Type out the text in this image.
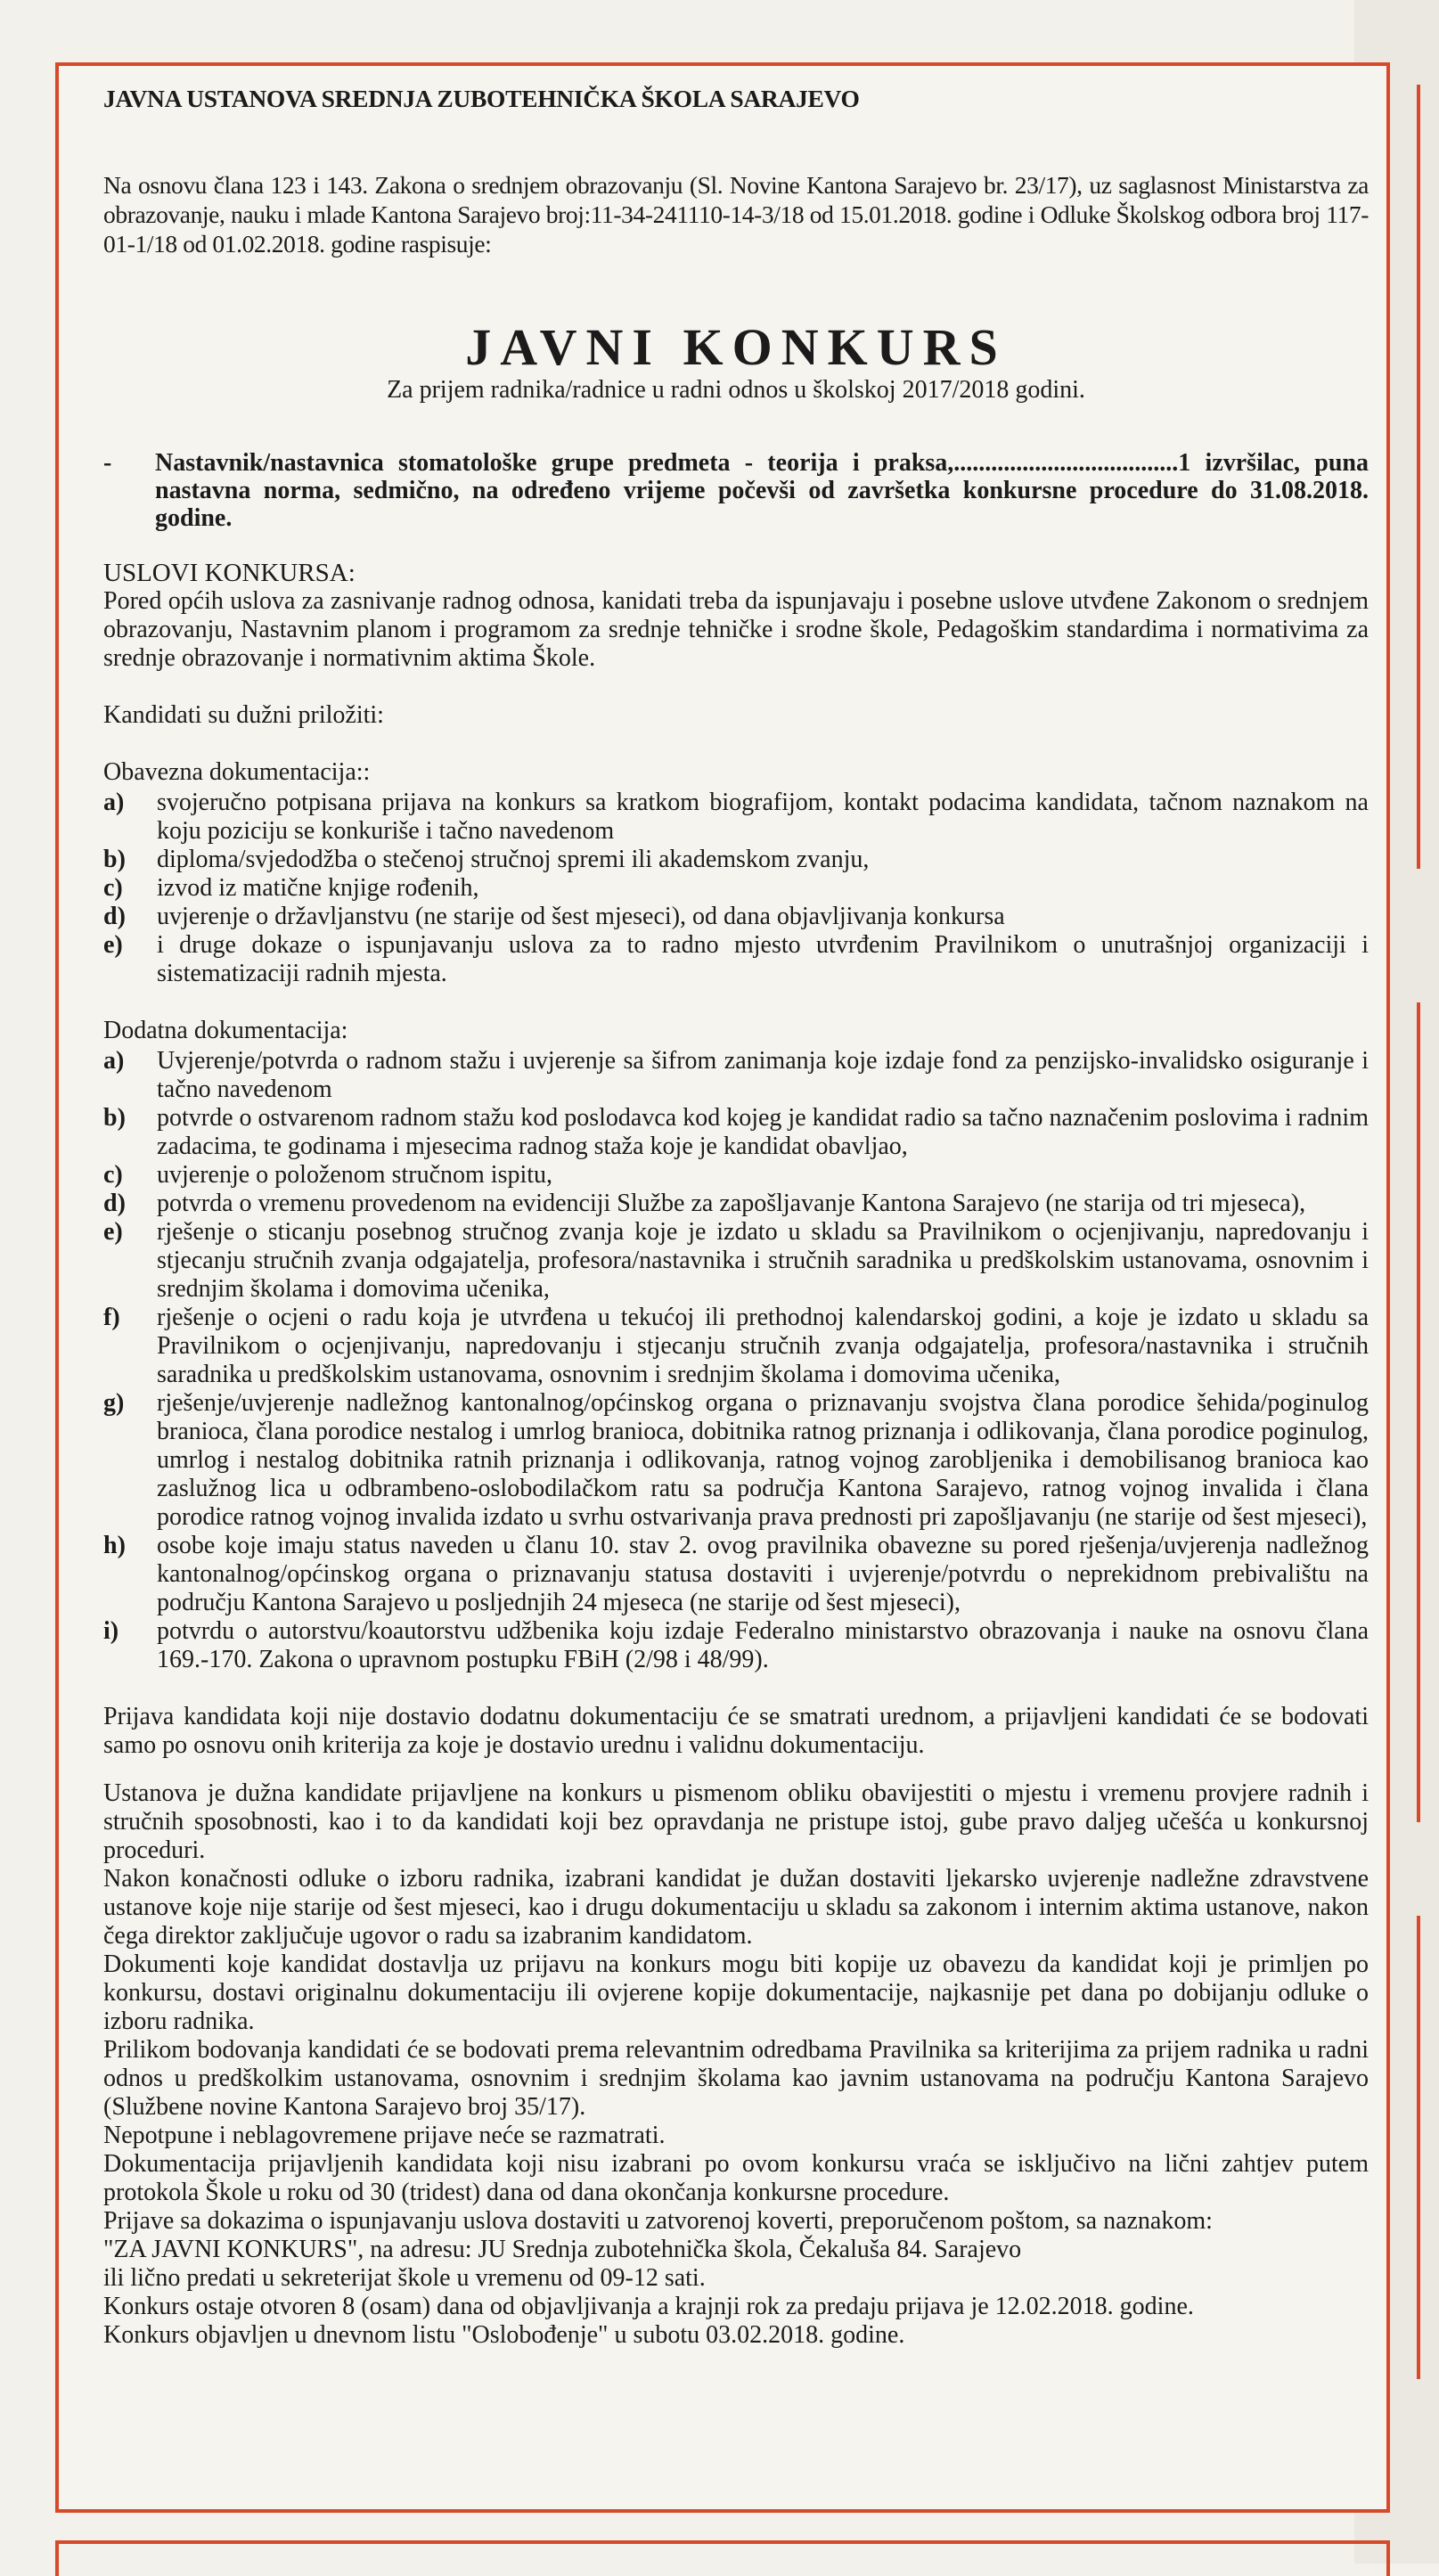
JAVNA USTANOVA SREDNJA ZUBOTEHNIČKA ŠKOLA SARAJEVO

Na osnovu člana 123 i 143. Zakona o srednjem obrazovanju (Sl. Novine Kantona Sarajevo br. 23/17), uz saglasnost Ministarstva za obrazovanje, nauku i mlade Kantona Sarajevo broj:11-34-241110-14-3/18 od 15.01.2018. godine i Odluke Školskog odbora broj 117-01-1/18 od 01.02.2018. godine raspisuje:

JAVNI KONKURS

Za prijem radnika/radnice u radni odnos u školskoj 2017/2018 godini.

-	Nastavnik/nastavnica stomatološke grupe predmeta - teorija i praksa,....................................1 izvršilac, puna nastavna norma, sedmično, na određeno vrijeme počevši od završetka konkursne procedure do 31.08.2018. godine.

USLOVI KONKURSA:

Pored općih uslova za zasnivanje radnog odnosa, kanidati treba da ispunjavaju i posebne uslove utvđene Zakonom o srednjem obrazovanju, Nastavnim planom i programom za srednje tehničke i srodne škole, Pedagoškim standardima i normativima za srednje obrazovanje i normativnim aktima Škole.

Kandidati su dužni priložiti:

Obavezna dokumentacija::

a)	svojeručno potpisana prijava na konkurs sa kratkom biografijom, kontakt podacima kandidata, tačnom naznakom na koju poziciju se konkuriše i tačno navedenom
b)	diploma/svjedodžba o stečenoj stručnoj spremi ili akademskom zvanju,
c)	izvod iz matične knjige rođenih,
d)	uvjerenje o državljanstvu (ne starije od šest mjeseci), od dana objavljivanja konkursa
e)	i druge dokaze o ispunjavanju uslova za to radno mjesto utvrđenim Pravilnikom o unutrašnjoj organizaciji i sistematizaciji radnih mjesta.

Dodatna dokumentacija:

a)	Uvjerenje/potvrda o radnom stažu i uvjerenje sa šifrom zanimanja koje izdaje fond za penzijsko-invalidsko osiguranje i tačno navedenom
b)	potvrde o ostvarenom radnom stažu kod poslodavca kod kojeg je kandidat radio sa tačno naznačenim poslovima i radnim zadacima, te godinama i mjesecima radnog staža koje je kandidat obavljao,
c)	uvjerenje o položenom stručnom ispitu,
d)	potvrda o vremenu provedenom na evidenciji Službe za zapošljavanje Kantona Sarajevo (ne starija od tri mjeseca),
e)	rješenje o sticanju posebnog stručnog zvanja koje je izdato u skladu sa Pravilnikom o ocjenjivanju, napredovanju i stjecanju stručnih zvanja odgajatelja, profesora/nastavnika i stručnih saradnika u predškolskim ustanovama, osnovnim i srednjim školama i domovima učenika,
f)	rješenje o ocjeni o radu koja je utvrđena u tekućoj ili prethodnoj kalendarskoj godini, a koje je izdato u skladu sa Pravilnikom o ocjenjivanju, napredovanju i stjecanju stručnih zvanja odgajatelja, profesora/nastavnika i stručnih saradnika u predškolskim ustanovama, osnovnim i srednjim školama i domovima učenika,
g)	rješenje/uvjerenje nadležnog kantonalnog/općinskog organa o priznavanju svojstva člana porodice šehida/poginulog branioca, člana porodice nestalog i umrlog branioca, dobitnika ratnog priznanja i odlikovanja, člana porodice poginulog, umrlog i nestalog dobitnika ratnih priznanja i odlikovanja, ratnog vojnog zarobljenika i demobilisanog branioca kao zaslužnog lica u odbrambeno-oslobodilačkom ratu sa područja Kantona Sarajevo, ratnog vojnog invalida i člana porodice ratnog vojnog invalida izdato u svrhu ostvarivanja prava prednosti pri zapošljavanju (ne starije od šest mjeseci),
h)	osobe koje imaju status naveden u članu 10. stav 2. ovog pravilnika obavezne su pored rješenja/uvjerenja nadležnog kantonalnog/općinskog organa o priznavanju statusa dostaviti i uvjerenje/potvrdu o neprekidnom prebivalištu na području Kantona Sarajevo u posljednjih 24 mjeseca (ne starije od šest mjeseci),
i)	potvrdu o autorstvu/koautorstvu udžbenika koju izdaje Federalno ministarstvo obrazovanja i nauke na osnovu člana 169.-170. Zakona o upravnom postupku FBiH (2/98 i 48/99).

Prijava kandidata koji nije dostavio dodatnu dokumentaciju će se smatrati urednom, a prijavljeni kandidati će se bodovati samo po osnovu onih kriterija za koje je dostavio urednu i validnu dokumentaciju.

Ustanova je dužna kandidate prijavljene na konkurs u pismenom obliku obavijestiti o mjestu i vremenu provjere radnih i stručnih sposobnosti, kao i to da kandidati koji bez opravdanja ne pristupe istoj, gube pravo daljeg učešća u konkursnoj proceduri.

Nakon konačnosti odluke o izboru radnika, izabrani kandidat je dužan dostaviti ljekarsko uvjerenje nadležne zdravstvene ustanove koje nije starije od šest mjeseci, kao i drugu dokumentaciju u skladu sa zakonom i internim aktima ustanove, nakon čega direktor zaključuje ugovor o radu sa izabranim kandidatom.

Dokumenti koje kandidat dostavlja uz prijavu na konkurs mogu biti kopije uz obavezu da kandidat koji je primljen po konkursu, dostavi originalnu dokumentaciju ili ovjerene kopije dokumentacije, najkasnije pet dana po dobijanju odluke o izboru radnika.

Prilikom bodovanja kandidati će se bodovati prema relevantnim odredbama Pravilnika sa kriterijima za prijem radnika u radni odnos u predškolkim ustanovama, osnovnim i srednjim školama kao javnim ustanovama na području Kantona Sarajevo (Službene novine Kantona Sarajevo broj 35/17).

Nepotpune i neblagovremene prijave neće se razmatrati.

Dokumentacija prijavljenih kandidata koji nisu izabrani po ovom konkursu vraća se isključivo na lični zahtjev putem protokola Škole u roku od 30 (tridest) dana od dana okončanja konkursne procedure.

Prijave sa dokazima o ispunjavanju uslova dostaviti u zatvorenoj koverti, preporučenom poštom, sa naznakom:

"ZA JAVNI KONKURS", na adresu: JU Srednja zubotehnička škola, Čekaluša 84. Sarajevo

ili lično predati u sekreterijat škole u vremenu od 09-12 sati.

Konkurs ostaje otvoren 8 (osam) dana od objavljivanja a krajnji rok za predaju prijava je 12.02.2018. godine.

Konkurs objavljen u dnevnom listu "Oslobođenje" u subotu 03.02.2018. godine.
